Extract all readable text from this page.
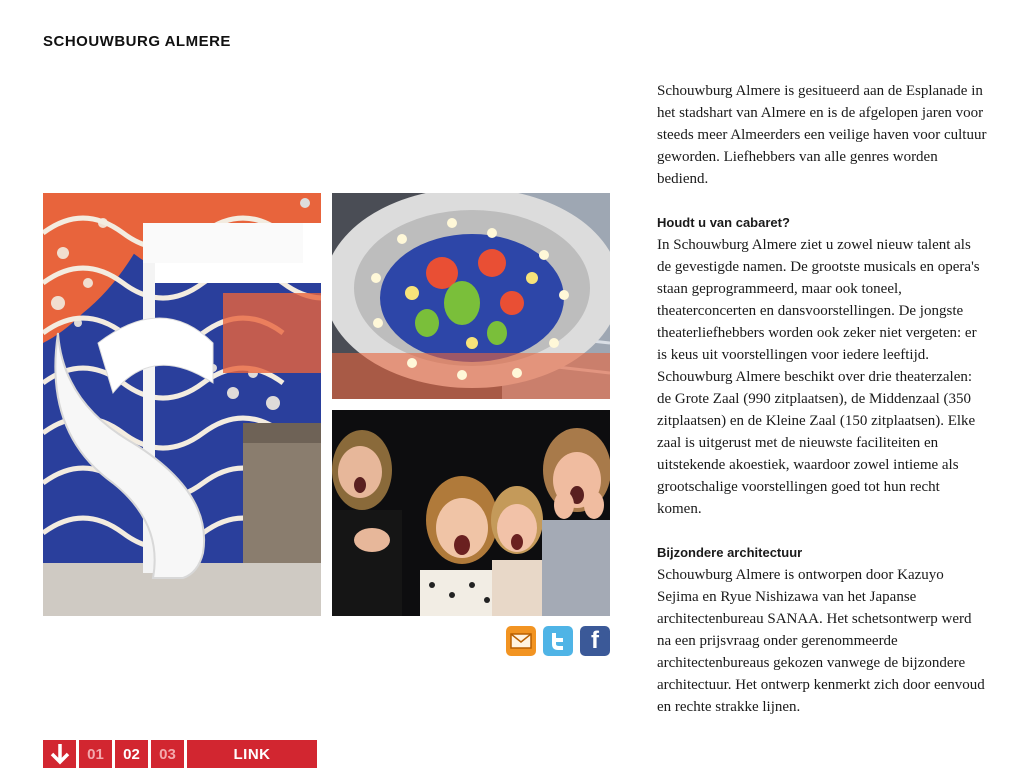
SCHOUWBURG ALMERE
f

Schouwburg Almere is gesitueerd aan de Esplanade in het stadshart van Almere en is de afgelopen jaren voor steeds meer Almeerders een veilige haven voor cultuur geworden. Liefhebbers van alle genres worden bediend.

Houdt u van cabaret?

In Schouwburg Almere ziet u zowel nieuw talent als de gevestigde namen. De grootste musicals en opera's staan geprogrammeerd, maar ook toneel, theaterconcerten en dansvoorstellingen. De jongste theaterliefhebbers worden ook zeker niet vergeten: er is keus uit voorstellingen voor iedere leeftijd. Schouwburg Almere beschikt over drie theaterzalen: de Grote Zaal (990 zitplaatsen), de Middenzaal (350 zitplaatsen) en de Kleine Zaal (150 zitplaatsen). Elke zaal is uitgerust met de nieuwste faciliteiten en uitstekende akoestiek, waardoor zowel intieme als grootschalige voorstellingen goed tot hun recht komen.

Bijzondere architectuur

Schouwburg Almere is ontworpen door Kazuyo Sejima en Ryue Nishizawa van het Japanse architectenbureau SANAA. Het schetsontwerp werd na een prijsvraag onder gerenommeerde architectenbureaus gekozen vanwege de bijzondere architectuur. Het ontwerp kenmerkt zich door eenvoud en rechte strakke lijnen.

01	02	03	LINK
